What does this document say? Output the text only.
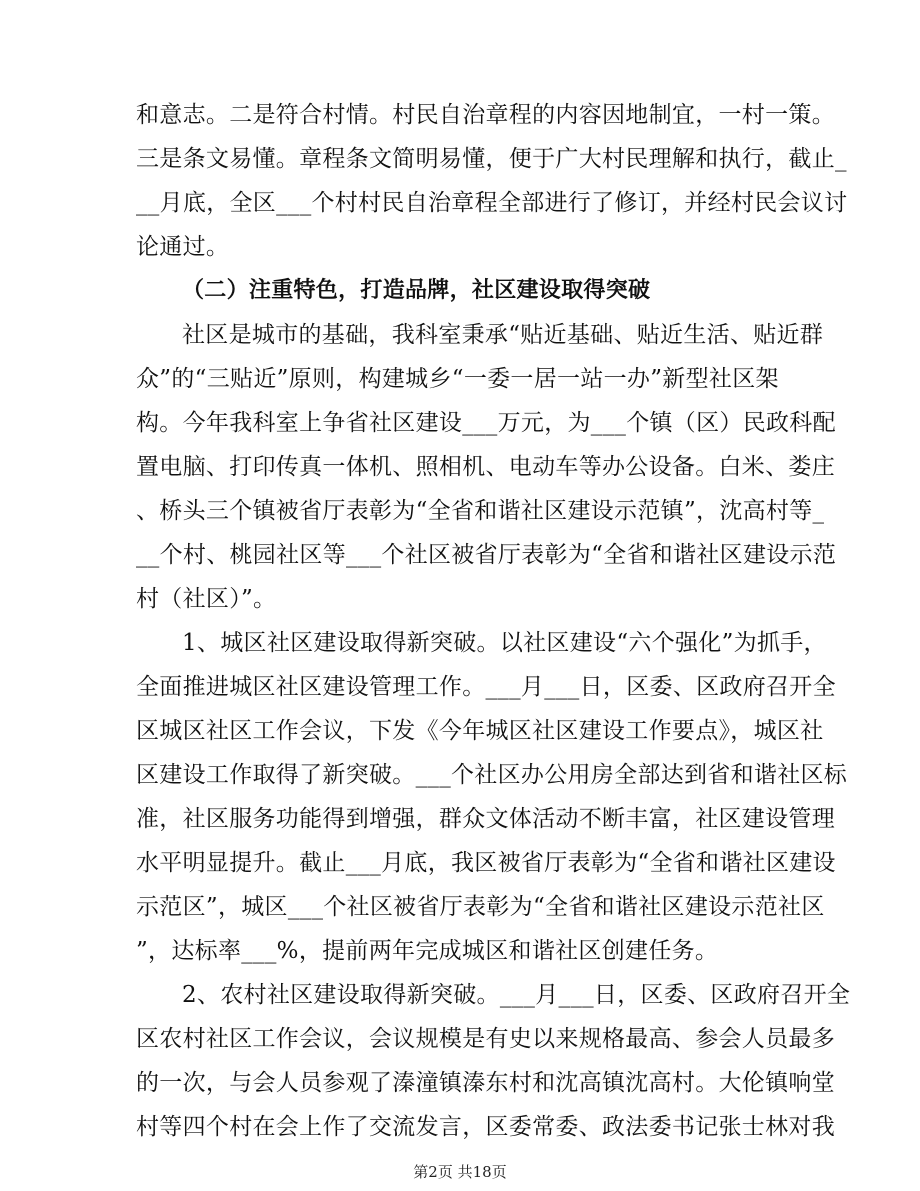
和意志。二是符合村情。村民自治章程的内容因地制宜，一村一策。
三是条文易懂。章程条文简明易懂，便于广大村民理解和执行，截止_
__月底，全区___个村村民自治章程全部进行了修订，并经村民会议讨
论通过。
（二）注重特色，打造品牌，社区建设取得突破
社区是城市的基础，我科室秉承“贴近基础、贴近生活、贴近群
众”的“三贴近”原则，构建城乡“一委一居一站一办”新型社区架
构。今年我科室上争省社区建设___万元，为___个镇（区）民政科配
置电脑、打印传真一体机、照相机、电动车等办公设备。白米、娄庄
、桥头三个镇被省厅表彰为“全省和谐社区建设示范镇”，沈高村等_
__个村、桃园社区等___个社区被省厅表彰为“全省和谐社区建设示范
村（社区）”。
1、城区社区建设取得新突破。以社区建设“六个强化”为抓手，
全面推进城区社区建设管理工作。___月___日，区委、区政府召开全
区城区社区工作会议，下发《今年城区社区建设工作要点》，城区社
区建设工作取得了新突破。___个社区办公用房全部达到省和谐社区标
准，社区服务功能得到增强，群众文体活动不断丰富，社区建设管理
水平明显提升。截止___月底，我区被省厅表彰为“全省和谐社区建设
示范区”，城区___个社区被省厅表彰为“全省和谐社区建设示范社区
”，达标率___%，提前两年完成城区和谐社区创建任务。
2、农村社区建设取得新突破。___月___日，区委、区政府召开全
区农村社区工作会议，会议规模是有史以来规格最高、参会人员最多
的一次，与会人员参观了溱潼镇溱东村和沈高镇沈高村。大伦镇响堂
村等四个村在会上作了交流发言，区委常委、政法委书记张士林对我
第2页 共18页
